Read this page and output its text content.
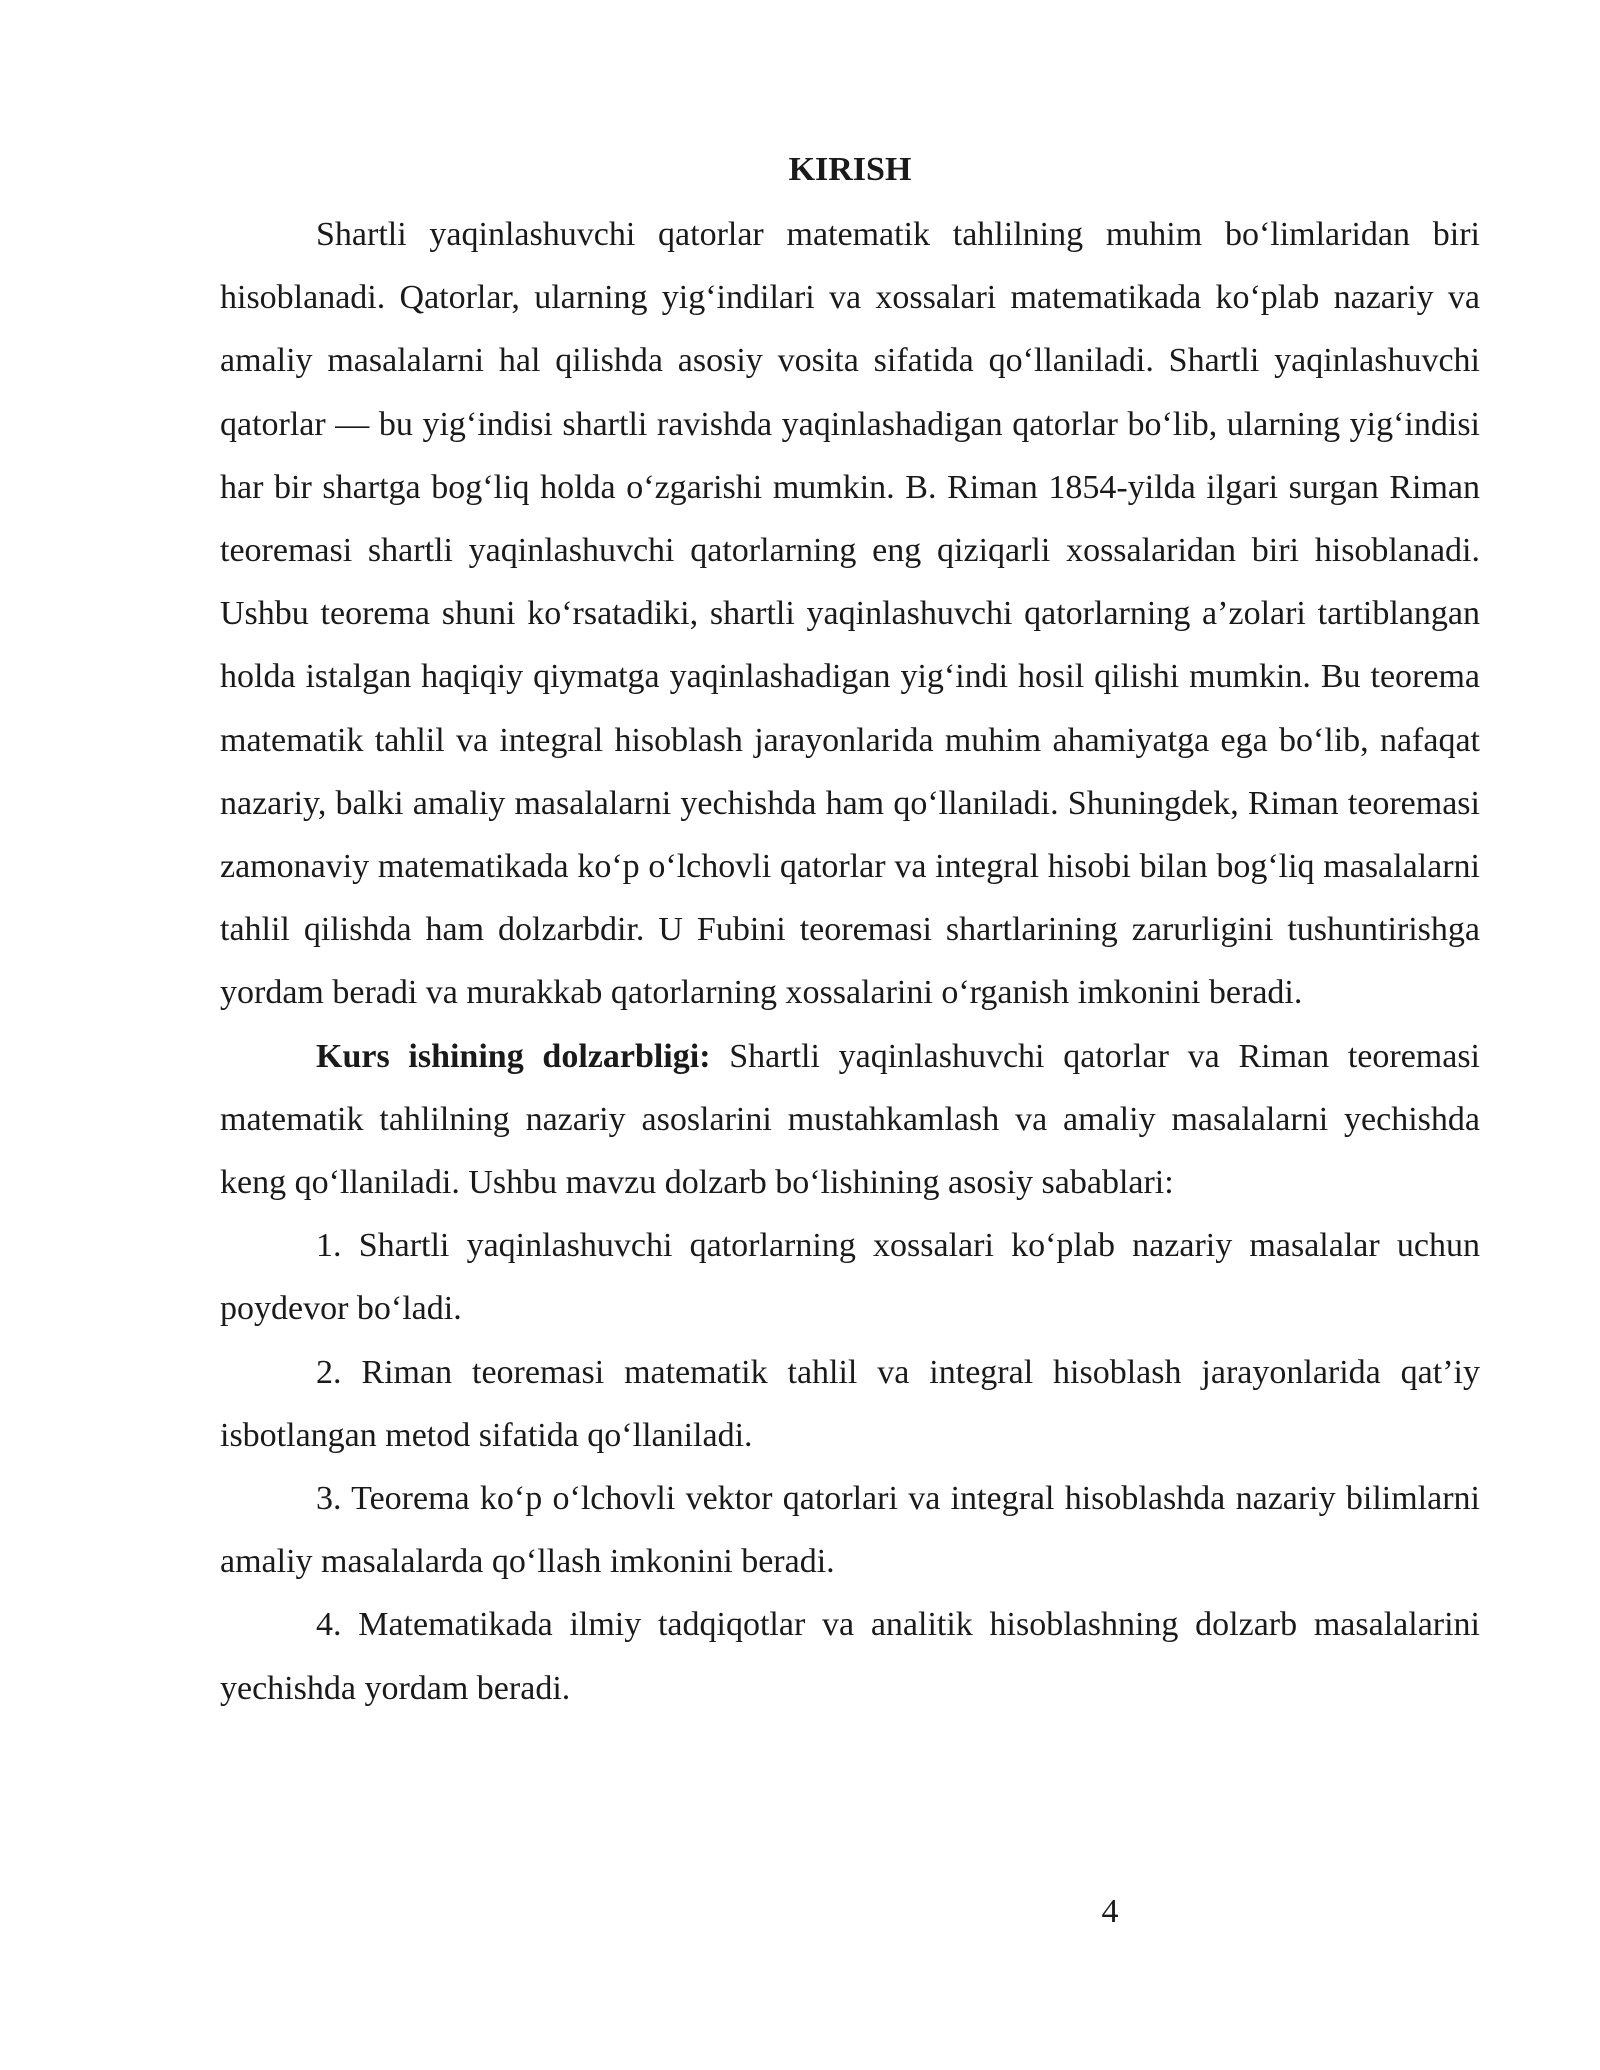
KIRISH

Shartli yaqinlashuvchi qatorlar matematik tahlilning muhim bo‘limlaridan biri hisoblanadi. Qatorlar, ularning yig‘indilari va xossalari matematikada ko‘plab nazariy va amaliy masalalarni hal qilishda asosiy vosita sifatida qo‘llaniladi. Shartli yaqinlashuvchi qatorlar — bu yig‘indisi shartli ravishda yaqinlashadigan qatorlar bo‘lib, ularning yig‘indisi har bir shartga bog‘liq holda o‘zgarishi mumkin. B. Riman 1854-yilda ilgari surgan Riman teoremasi shartli yaqinlashuvchi qatorlarning eng qiziqarli xossalaridan biri hisoblanadi. Ushbu teorema shuni ko‘rsatadiki, shartli yaqinlashuvchi qatorlarning a’zolari tartiblangan holda istalgan haqiqiy qiymatga yaqinlashadigan yig‘indi hosil qilishi mumkin. Bu teorema matematik tahlil va integral hisoblash jarayonlarida muhim ahamiyatga ega bo‘lib, nafaqat nazariy, balki amaliy masalalarni yechishda ham qo‘llaniladi. Shuningdek, Riman teoremasi zamonaviy matematikada ko‘p o‘lchovli qatorlar va integral hisobi bilan bog‘liq masalalarni tahlil qilishda ham dolzarbdir. U Fubini teoremasi shartlarining zarurligini tushuntirishga yordam beradi va murakkab qatorlarning xossalarini o‘rganish imkonini beradi.

Kurs ishining dolzarbligi: Shartli yaqinlashuvchi qatorlar va Riman teoremasi matematik tahlilning nazariy asoslarini mustahkamlash va amaliy masalalarni yechishda keng qo‘llaniladi. Ushbu mavzu dolzarb bo‘lishining asosiy sabablari:

1. Shartli yaqinlashuvchi qatorlarning xossalari ko‘plab nazariy masalalar uchun poydevor bo‘ladi.

2. Riman teoremasi matematik tahlil va integral hisoblash jarayonlarida qat’iy isbotlangan metod sifatida qo‘llaniladi.

3. Teorema ko‘p o‘lchovli vektor qatorlari va integral hisoblashda nazariy bilimlarni amaliy masalalarda qo‘llash imkonini beradi.

4. Matematikada ilmiy tadqiqotlar va analitik hisoblashning dolzarb masalalarini yechishda yordam beradi.

4
